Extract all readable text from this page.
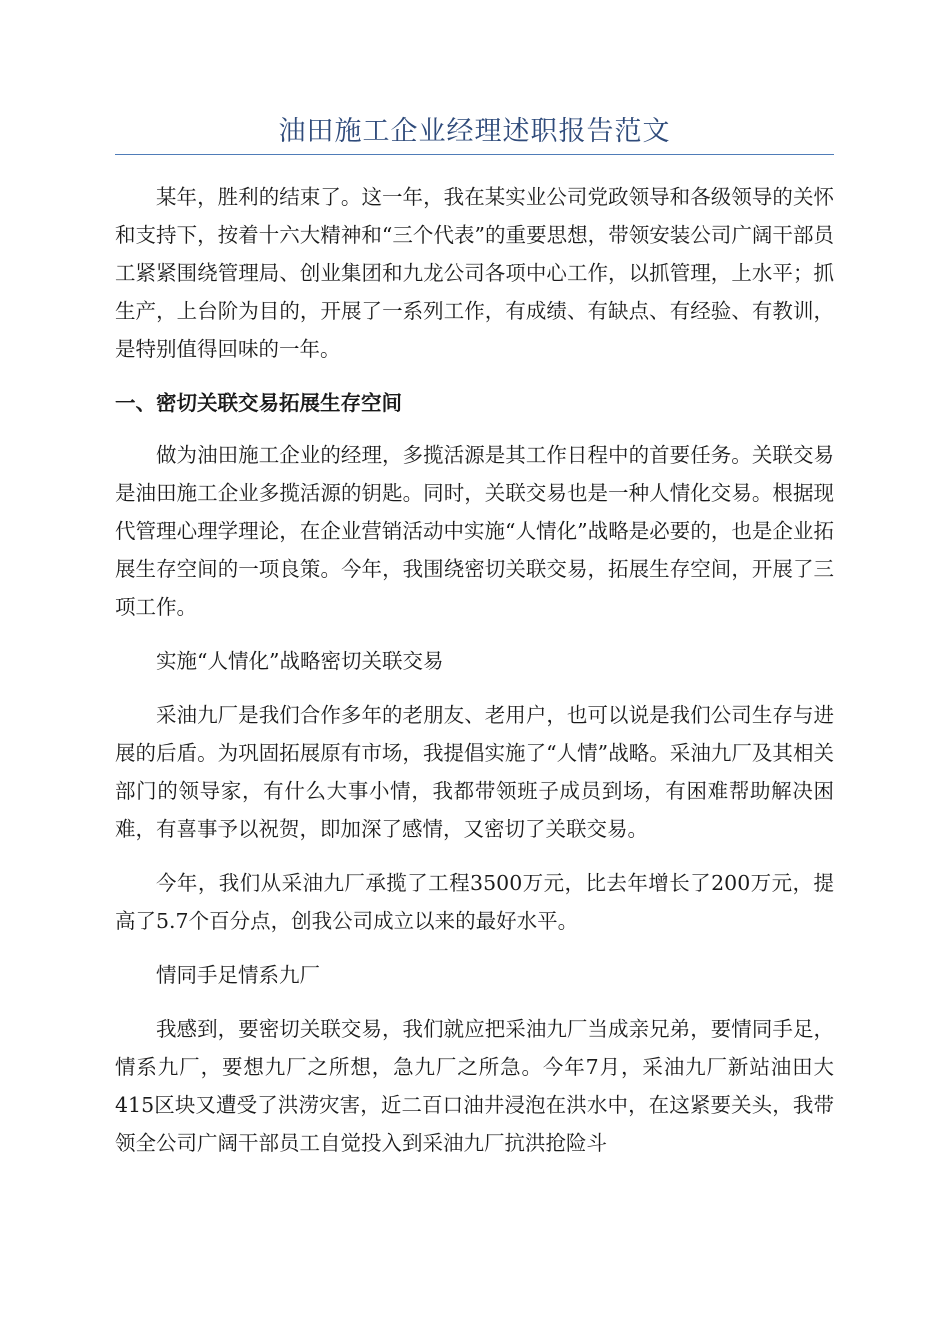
油田施工企业经理述职报告范文

某年，胜利的结束了。这一年，我在某实业公司党政领导和各级领导的关怀和支持下，按着十六大精神和“三个代表”的重要思想，带领安装公司广阔干部员工紧紧围绕管理局、创业集团和九龙公司各项中心工作，以抓管理，上水平；抓生产，上台阶为目的，开展了一系列工作，有成绩、有缺点、有经验、有教训，是特别值得回味的一年。

一、密切关联交易拓展生存空间

做为油田施工企业的经理，多揽活源是其工作日程中的首要任务。关联交易是油田施工企业多揽活源的钥匙。同时，关联交易也是一种人情化交易。根据现代管理心理学理论，在企业营销活动中实施“人情化”战略是必要的，也是企业拓展生存空间的一项良策。今年，我围绕密切关联交易，拓展生存空间，开展了三项工作。

实施“人情化”战略密切关联交易

采油九厂是我们合作多年的老朋友、老用户，也可以说是我们公司生存与进展的后盾。为巩固拓展原有市场，我提倡实施了“人情”战略。采油九厂及其相关部门的领导家，有什么大事小情，我都带领班子成员到场，有困难帮助解决困难，有喜事予以祝贺，即加深了感情，又密切了关联交易。

今年，我们从采油九厂承揽了工程3500万元，比去年增长了200万元，提高了5.7个百分点，创我公司成立以来的最好水平。

情同手足情系九厂

我感到，要密切关联交易，我们就应把采油九厂当成亲兄弟，要情同手足，情系九厂，要想九厂之所想，急九厂之所急。今年7月，采油九厂新站油田大415区块又遭受了洪涝灾害，近二百口油井浸泡在洪水中，在这紧要关头，我带领全公司广阔干部员工自觉投入到采油九厂抗洪抢险斗
